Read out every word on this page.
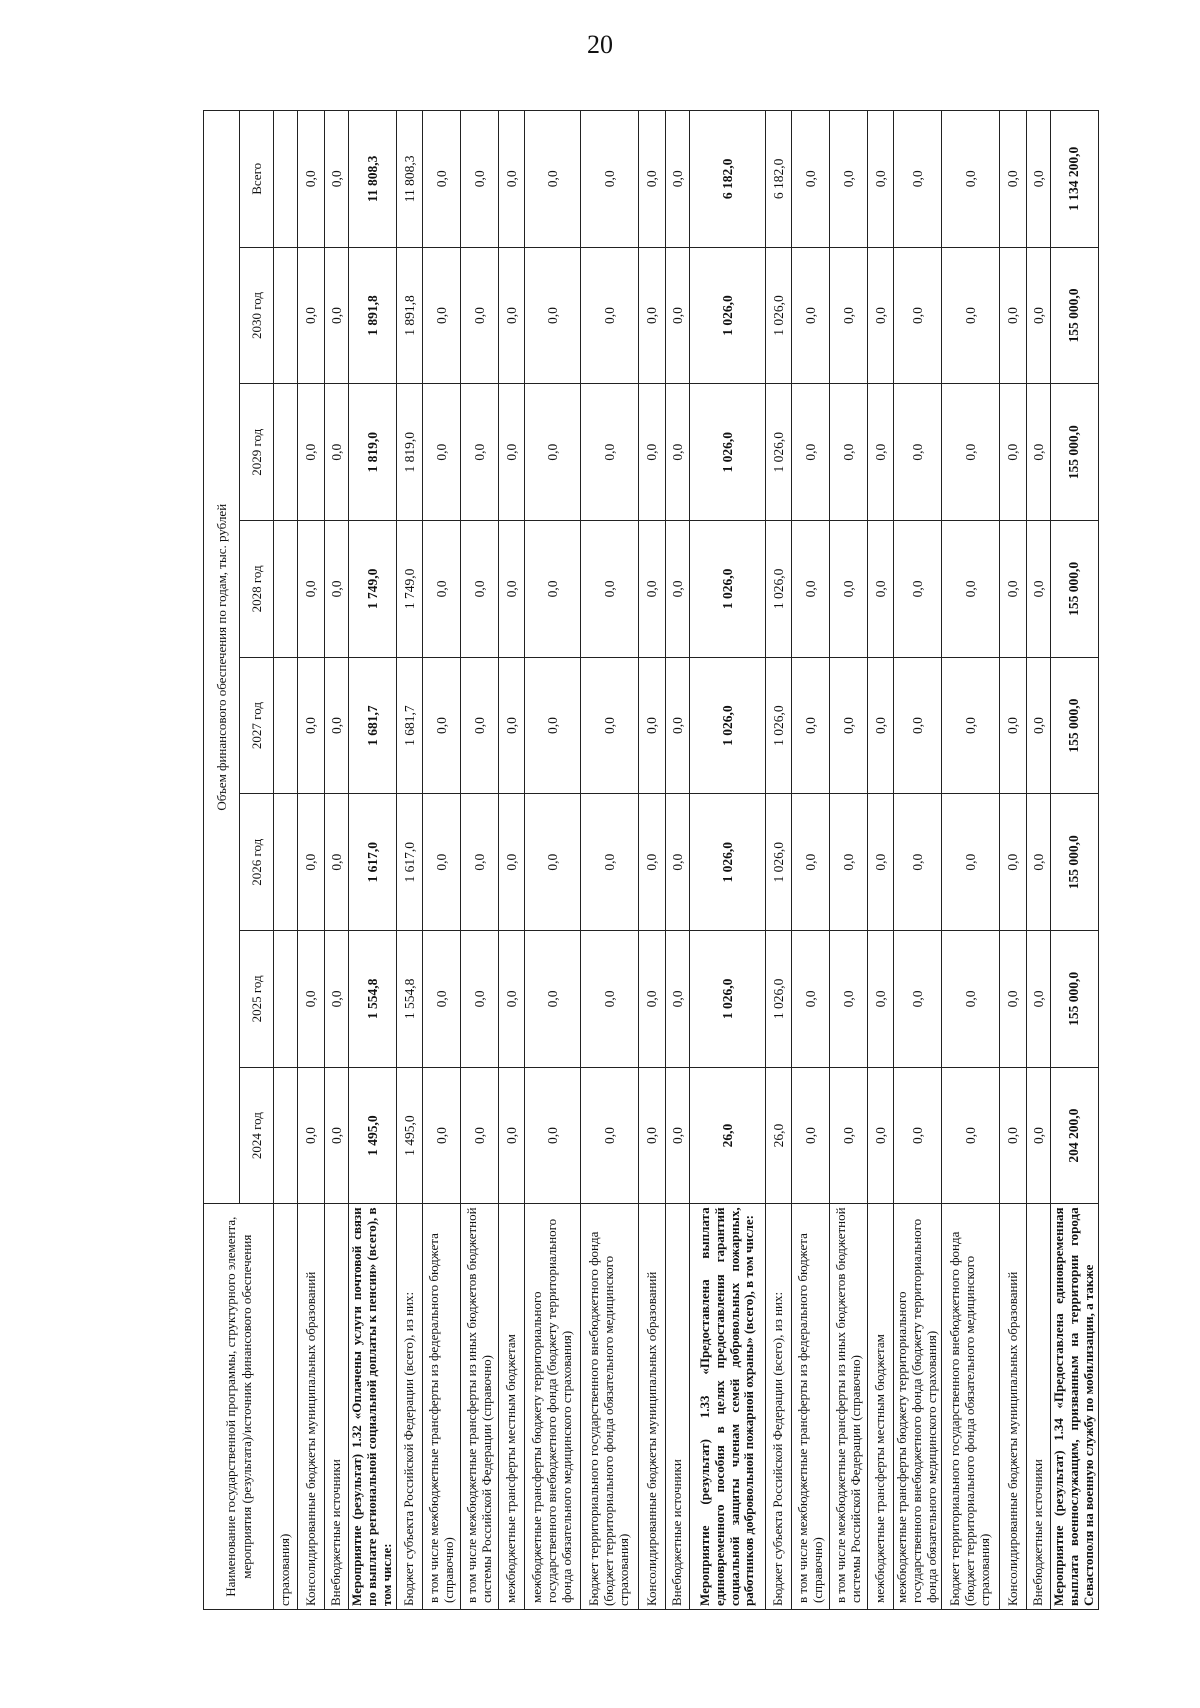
20
Наименование государственной программы, структурного элемента, мероприятия (результата)/источник финансового обеспечения	Объем финансового обеспечения по годам, тыс. рублей							
	2024 год	2025 год	2026 год	2027 год	2028 год	2029 год	2030 год	Всего
страхования)								
Консолидированные бюджеты муниципальных образований	0,0	0,0	0,0	0,0	0,0	0,0	0,0	0,0
Внебюджетные источники	0,0	0,0	0,0	0,0	0,0	0,0	0,0	0,0
Мероприятие (результат) 1.32 «Оплачены услуги почтовой связи по выплате региональной социальной доплаты к пенсии» (всего), в том числе:	1 495,0	1 554,8	1 617,0	1 681,7	1 749,0	1 819,0	1 891,8	11 808,3
Бюджет субъекта Российской Федерации (всего), из них:	1 495,0	1 554,8	1 617,0	1 681,7	1 749,0	1 819,0	1 891,8	11 808,3
в том числе межбюджетные трансферты из федерального бюджета (справочно)	0,0	0,0	0,0	0,0	0,0	0,0	0,0	0,0
в том числе межбюджетные трансферты из иных бюджетов бюджетной системы Российской Федерации (справочно)	0,0	0,0	0,0	0,0	0,0	0,0	0,0	0,0
межбюджетные трансферты местным бюджетам	0,0	0,0	0,0	0,0	0,0	0,0	0,0	0,0
межбюджетные трансферты бюджету территориального государственного внебюджетного фонда (бюджету территориального фонда обязательного медицинского страхования)	0,0	0,0	0,0	0,0	0,0	0,0	0,0	0,0
Бюджет территориального государственного внебюджетного фонда (бюджет территориального фонда обязательного медицинского страхования)	0,0	0,0	0,0	0,0	0,0	0,0	0,0	0,0
Консолидированные бюджеты муниципальных образований	0,0	0,0	0,0	0,0	0,0	0,0	0,0	0,0
Внебюджетные источники	0,0	0,0	0,0	0,0	0,0	0,0	0,0	0,0
Мероприятие (результат) 1.33 «Предоставлена выплата единовременного пособия в целях предоставления гарантий социальной защиты членам семей добровольных пожарных, работников добровольной пожарной охраны» (всего), в том числе:	26,0	1 026,0	1 026,0	1 026,0	1 026,0	1 026,0	1 026,0	6 182,0
Бюджет субъекта Российской Федерации (всего), из них:	26,0	1 026,0	1 026,0	1 026,0	1 026,0	1 026,0	1 026,0	6 182,0
в том числе межбюджетные трансферты из федерального бюджета (справочно)	0,0	0,0	0,0	0,0	0,0	0,0	0,0	0,0
в том числе межбюджетные трансферты из иных бюджетов бюджетной системы Российской Федерации (справочно)	0,0	0,0	0,0	0,0	0,0	0,0	0,0	0,0
межбюджетные трансферты местным бюджетам	0,0	0,0	0,0	0,0	0,0	0,0	0,0	0,0
межбюджетные трансферты бюджету территориального государственного внебюджетного фонда (бюджету территориального фонда обязательного медицинского страхования)	0,0	0,0	0,0	0,0	0,0	0,0	0,0	0,0
Бюджет территориального государственного внебюджетного фонда (бюджет территориального фонда обязательного медицинского страхования)	0,0	0,0	0,0	0,0	0,0	0,0	0,0	0,0
Консолидированные бюджеты муниципальных образований	0,0	0,0	0,0	0,0	0,0	0,0	0,0	0,0
Внебюджетные источники	0,0	0,0	0,0	0,0	0,0	0,0	0,0	0,0
Мероприятие (результат) 1.34 «Предоставлена единовременная выплата военнослужащим, призванным на территории города Севастополя на военную службу по мобилизации, а также	204 200,0	155 000,0	155 000,0	155 000,0	155 000,0	155 000,0	155 000,0	1 134 200,0
